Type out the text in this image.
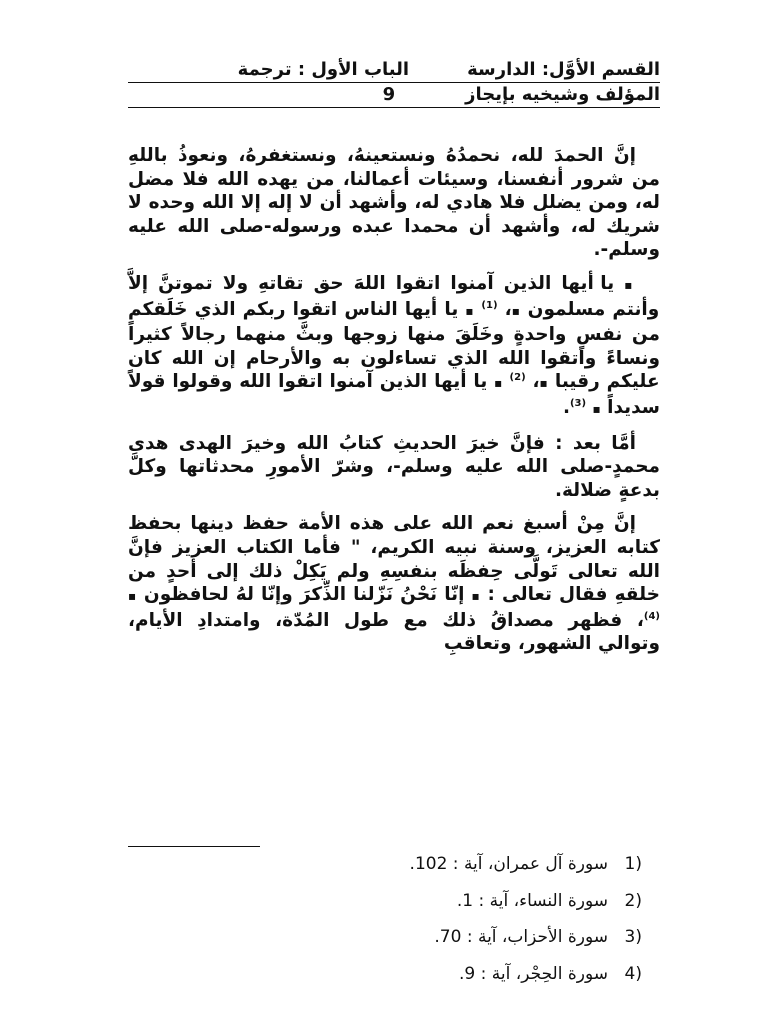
القسم الأوَّل: الدارسةالباب الأول : ترجمة
المؤلف وشيخيه بإيجاز9

إنَّ الحمدَ لله، نحمدُهُ ونستعينهُ، ونستغفرهُ، ونعوذُ باللهِ من شرور أنفسنا، وسيئات أعمالنا، من يهده الله فلا مضل له، ومن يضلل فلا هادي له، وأشهد أن لا إله إلا الله وحده لا شريك له، وأشهد أن محمدا عبده ورسوله-صلى الله عليه وسلم-.

▪ يا أيها الذين آمنوا اتقوا اللهَ حق تقاتهِ ولا تموتنَّ إلاَّ وأنتم مسلمون ▪، $^{(1)}$ ▪ يا أيها الناس اتقوا ربكم الذي خَلَقكم من نفسٍ واحدةٍ وخَلَقَ منها زوجها وبثَّ منهما رجالاً كثيراً ونساءً واتقوا الله الذي تساءلون به والأرحام إن الله كان عليكم رقيبا ▪، $^{(2)}$ ▪ يا أيها الذين آمنوا اتقوا الله وقولوا قولاً سديداً ▪ $^{(3)}$.

أمَّا بعد : فإنَّ خيرَ الحديثِ كتابُ الله وخيرَ الهدى هدى محمدٍ-صلى الله عليه وسلم-، وشرّ الأمورِ محدثاتها وكلَّ بدعةٍ ضلالة.

إنَّ مِنْ أسبغ نعم الله على هذه الأمة حفظ دينها بحفظ كتابه العزيز، وسنة نبيه الكريم، " فأما الكتاب العزيز فإنَّ الله تعالى تَولَّى حِفظَه بنفسِهِ ولم يَكِلْ ذلك إلى أحدٍ من خلقهِ فقال تعالى : ▪ إنّا نَحْنُ نَزّلنا الذِّكرَ وإنّا لهُ لحافظون ▪ $^{(4)}$، فظهر مصداقُ ذلك مع طول المُدّة، وامتدادِ الأيام، وتوالي الشهور، وتعاقبِ

(1سورة آل عمران، آية : 102.
(2سورة النساء، آية : 1.
(3سورة الأحزاب، آية : 70.
(4سورة الحِجْر، آية : 9.
